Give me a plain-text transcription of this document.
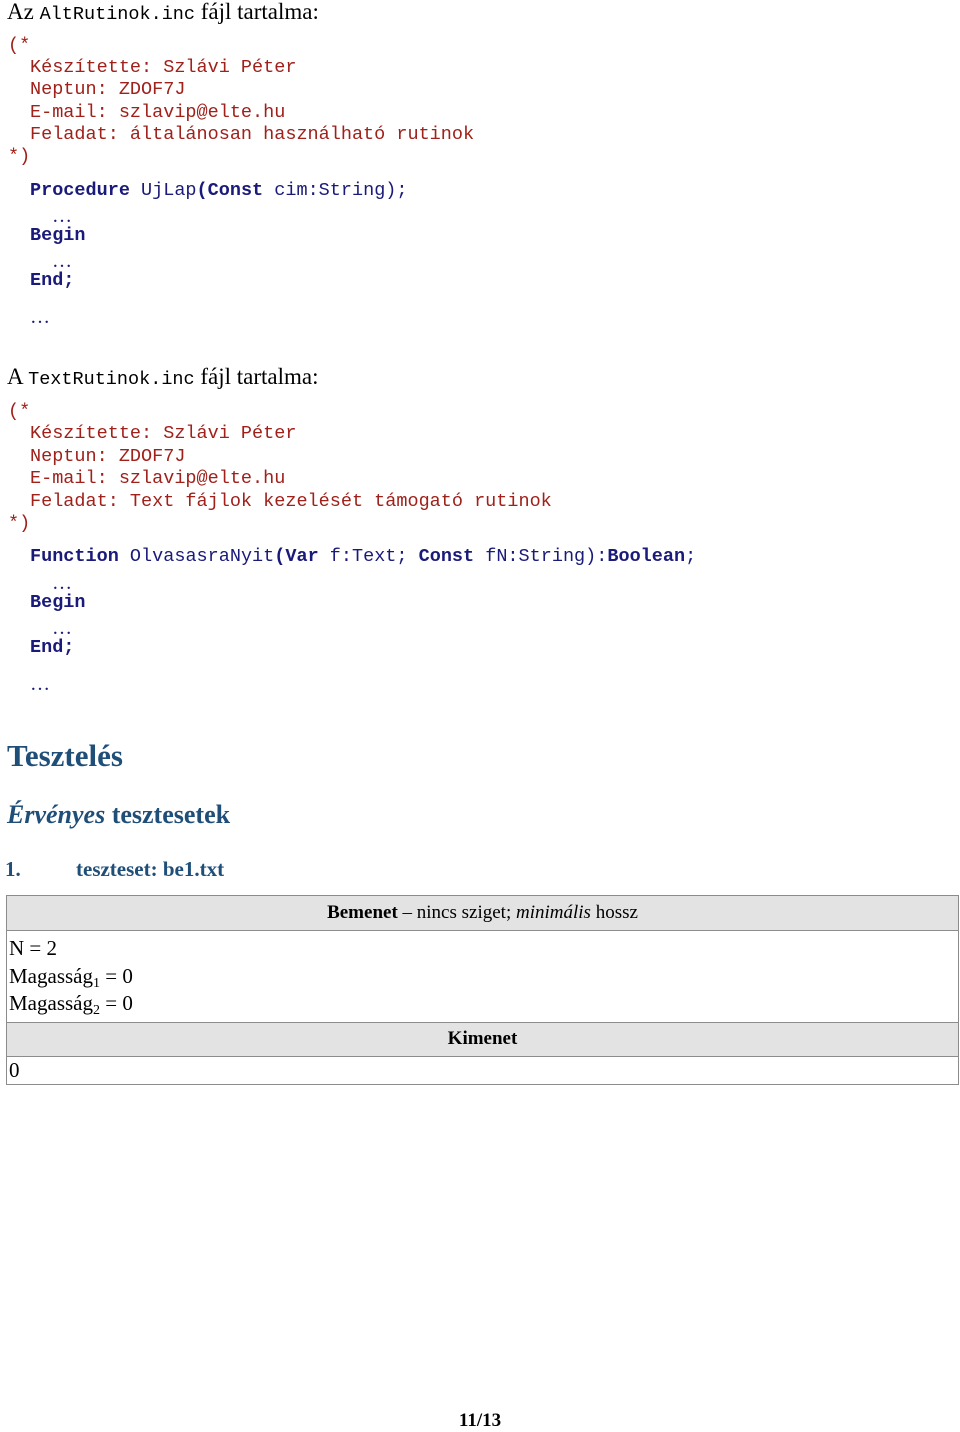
Az AltRutinok.inc fájl tartalma:
(*
Készítette: Szlávi Péter
Neptun: ZDOF7J
E-mail: szlavip@elte.hu
Feladat: általánosan használható rutinok
*)
Procedure UjLap(Const cim:String);
…
Begin
…
End;
…
A TextRutinok.inc fájl tartalma:
(*
Készítette: Szlávi Péter
Neptun: ZDOF7J
E-mail: szlavip@elte.hu
Feladat: Text fájlok kezelését támogató rutinok
*)
Function OlvasasraNyit(Var f:Text; Const fN:String):Boolean;
…
Begin
…
End;
…
Tesztelés
Érvényes tesztesetek
1.	teszteset: be1.txt
Bemenet – nincs sziget; minimális hossz

N = 2
Magasság$_1$ = 0
Magasság$_2$ = 0

Kimenet
0
11/13
